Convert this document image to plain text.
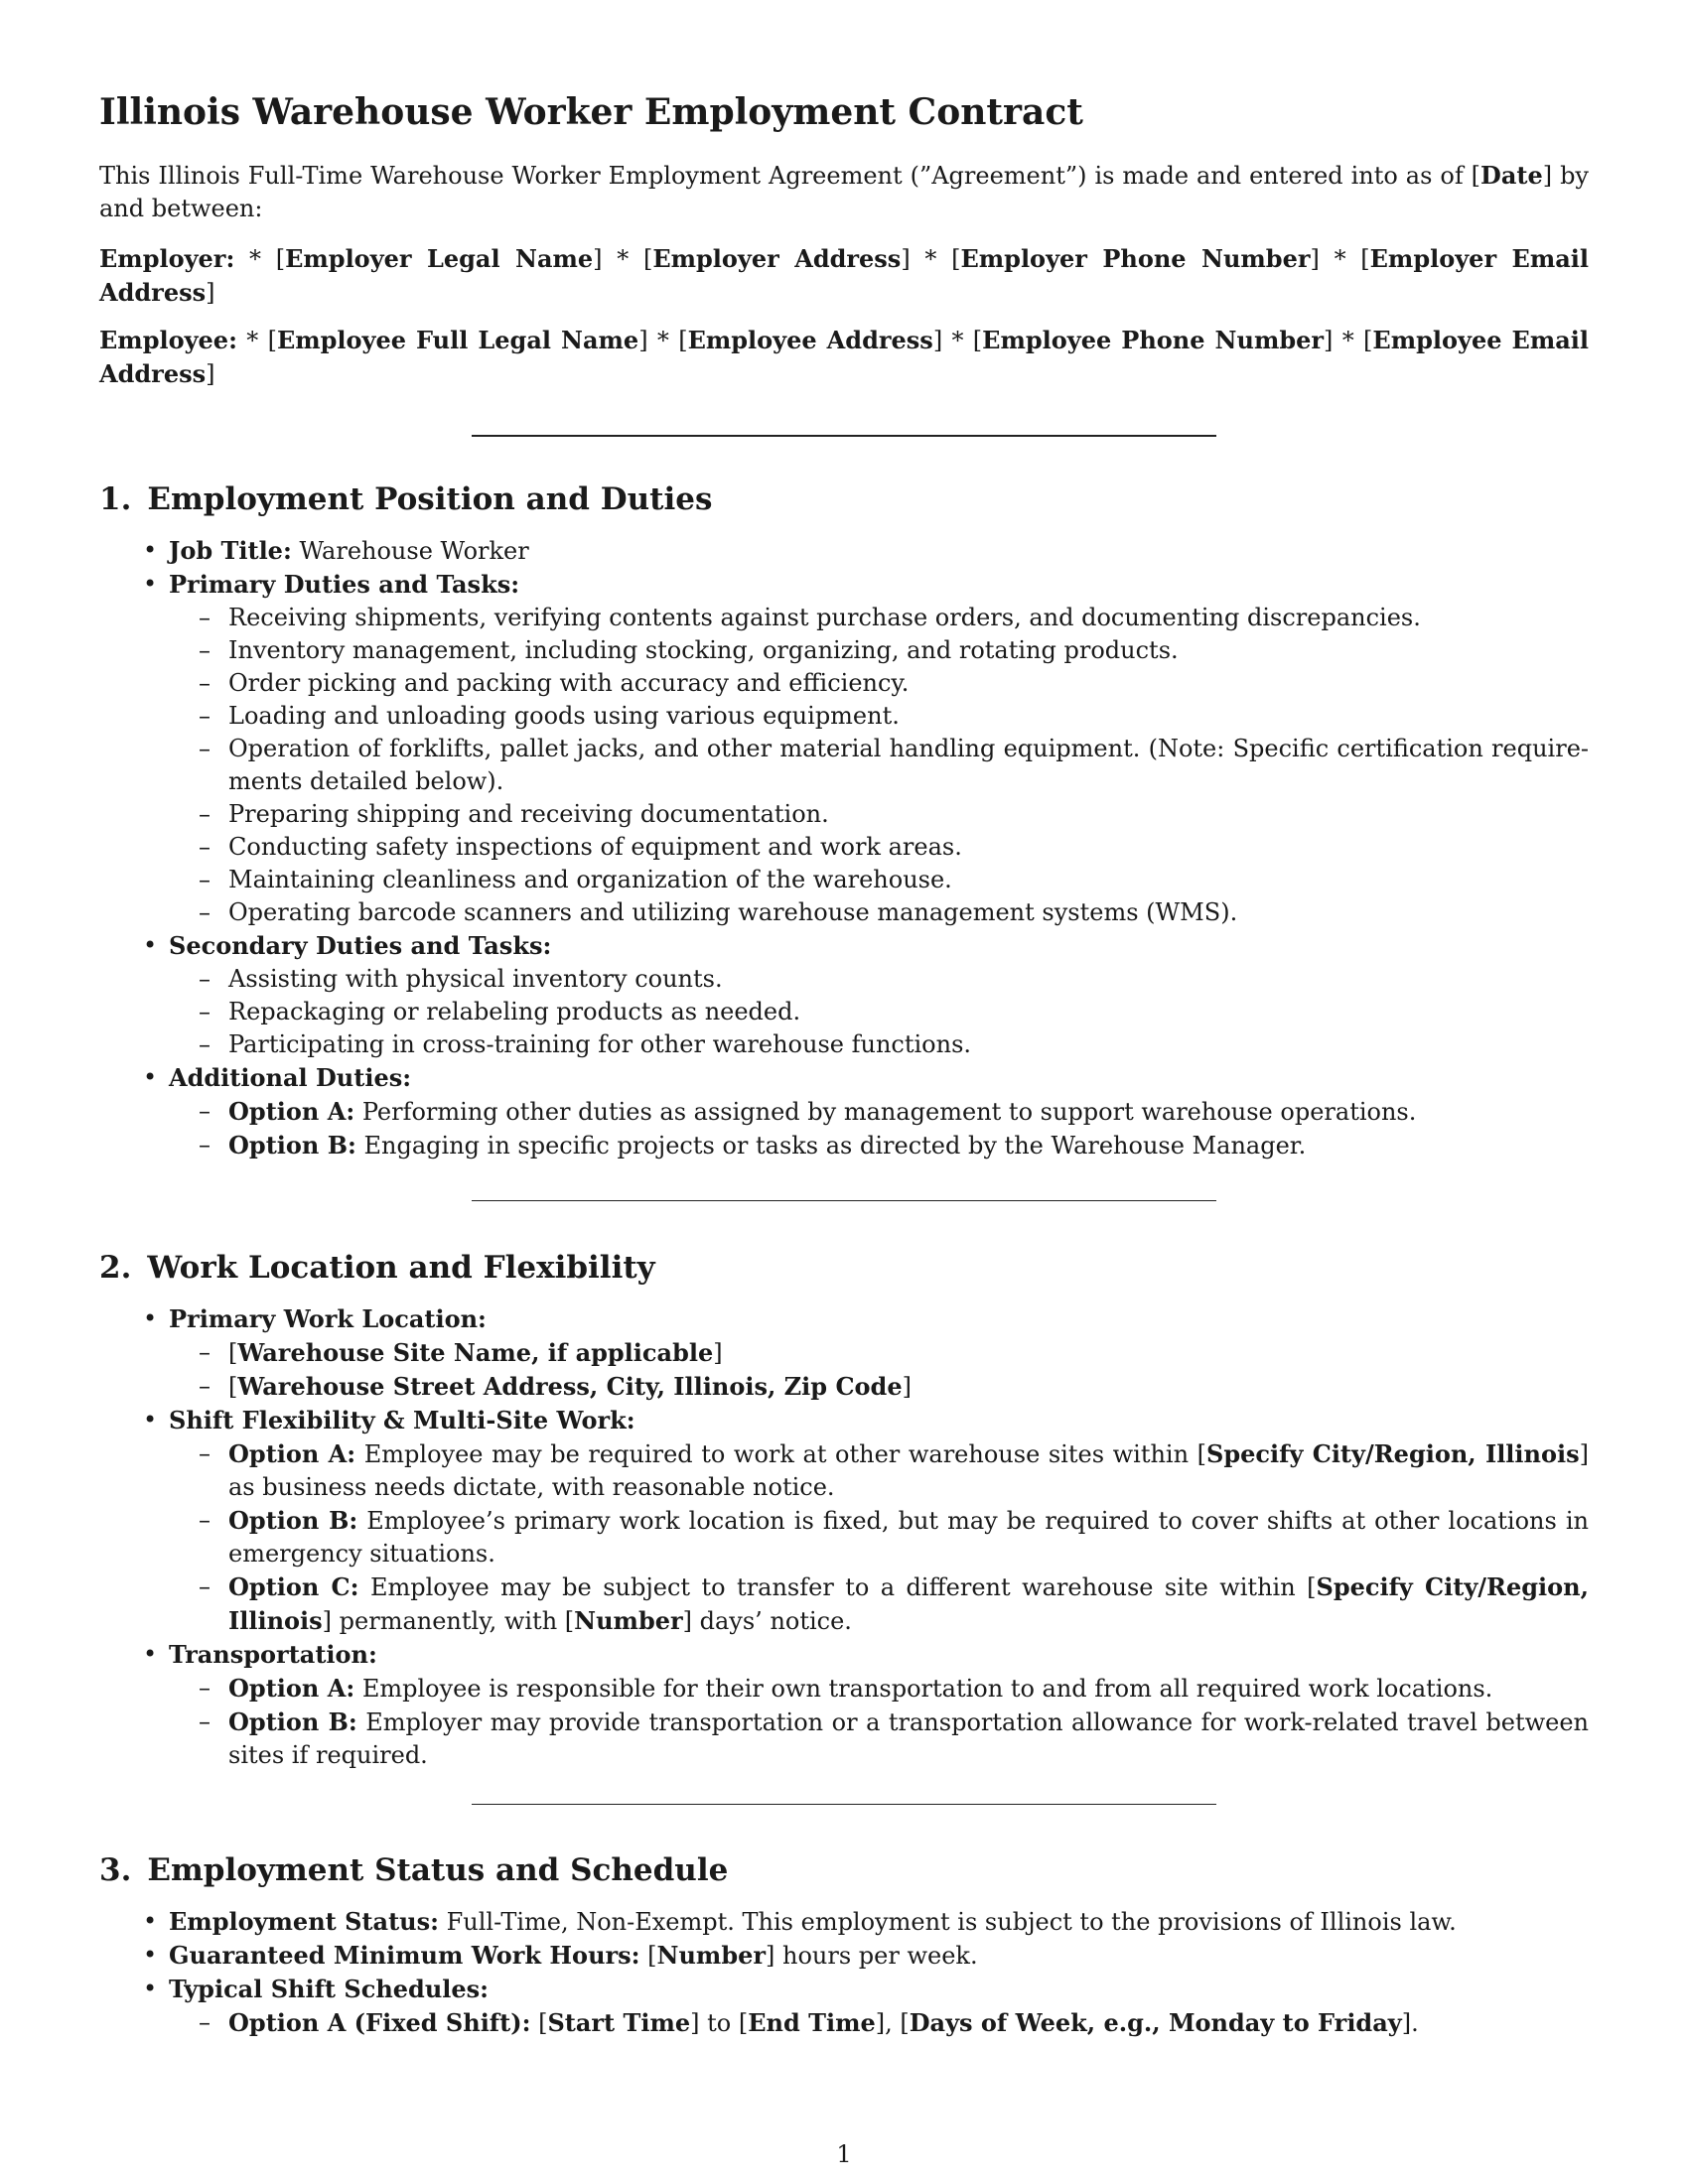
Illinois Warehouse Worker Employment Contract

This Illinois Full-Time Warehouse Worker Employment Agreement (”Agreement”) is made and entered into as of [Date] by and between:

Employer: * [Employer Legal Name] * [Employer Address] * [Employer Phone Number] * [Employer Email Address]

Employee: * [Employee Full Legal Name] * [Employee Address] * [Employee Phone Number] * [Employee Email Address]

1. Employment Position and Duties
• Job Title: Warehouse Worker
• Primary Duties and Tasks:
– Receiving shipments, verifying contents against purchase orders, and documenting discrepancies.
– Inventory management, including stocking, organizing, and rotating products.
– Order picking and packing with accuracy and efficiency.
– Loading and unloading goods using various equipment.
– Operation of forklifts, pallet jacks, and other material handling equipment. (Note: Specific certification require- ments detailed below).
– Preparing shipping and receiving documentation.
– Conducting safety inspections of equipment and work areas.
– Maintaining cleanliness and organization of the warehouse.
– Operating barcode scanners and utilizing warehouse management systems (WMS).
• Secondary Duties and Tasks:
– Assisting with physical inventory counts.
– Repackaging or relabeling products as needed.
– Participating in cross-training for other warehouse functions.
• Additional Duties:
– Option A: Performing other duties as assigned by management to support warehouse operations.
– Option B: Engaging in specific projects or tasks as directed by the Warehouse Manager.
2. Work Location and Flexibility
• Primary Work Location:
– [Warehouse Site Name, if applicable]
– [Warehouse Street Address, City, Illinois, Zip Code]
• Shift Flexibility & Multi-Site Work:
– Option A: Employee may be required to work at other warehouse sites within [Specify City/Region, Illinois] as business needs dictate, with reasonable notice.
– Option B: Employee’s primary work location is fixed, but may be required to cover shifts at other locations in emergency situations.
– Option C: Employee may be subject to transfer to a different warehouse site within [Specify City/Region, Illinois] permanently, with [Number] days’ notice.
• Transportation:
– Option A: Employee is responsible for their own transportation to and from all required work locations.
– Option B: Employer may provide transportation or a transportation allowance for work-related travel between sites if required.
3. Employment Status and Schedule
• Employment Status: Full-Time, Non-Exempt. This employment is subject to the provisions of Illinois law.
• Guaranteed Minimum Work Hours: [Number] hours per week.
• Typical Shift Schedules:
– Option A (Fixed Shift): [Start Time] to [End Time], [Days of Week, e.g., Monday to Friday].
1
